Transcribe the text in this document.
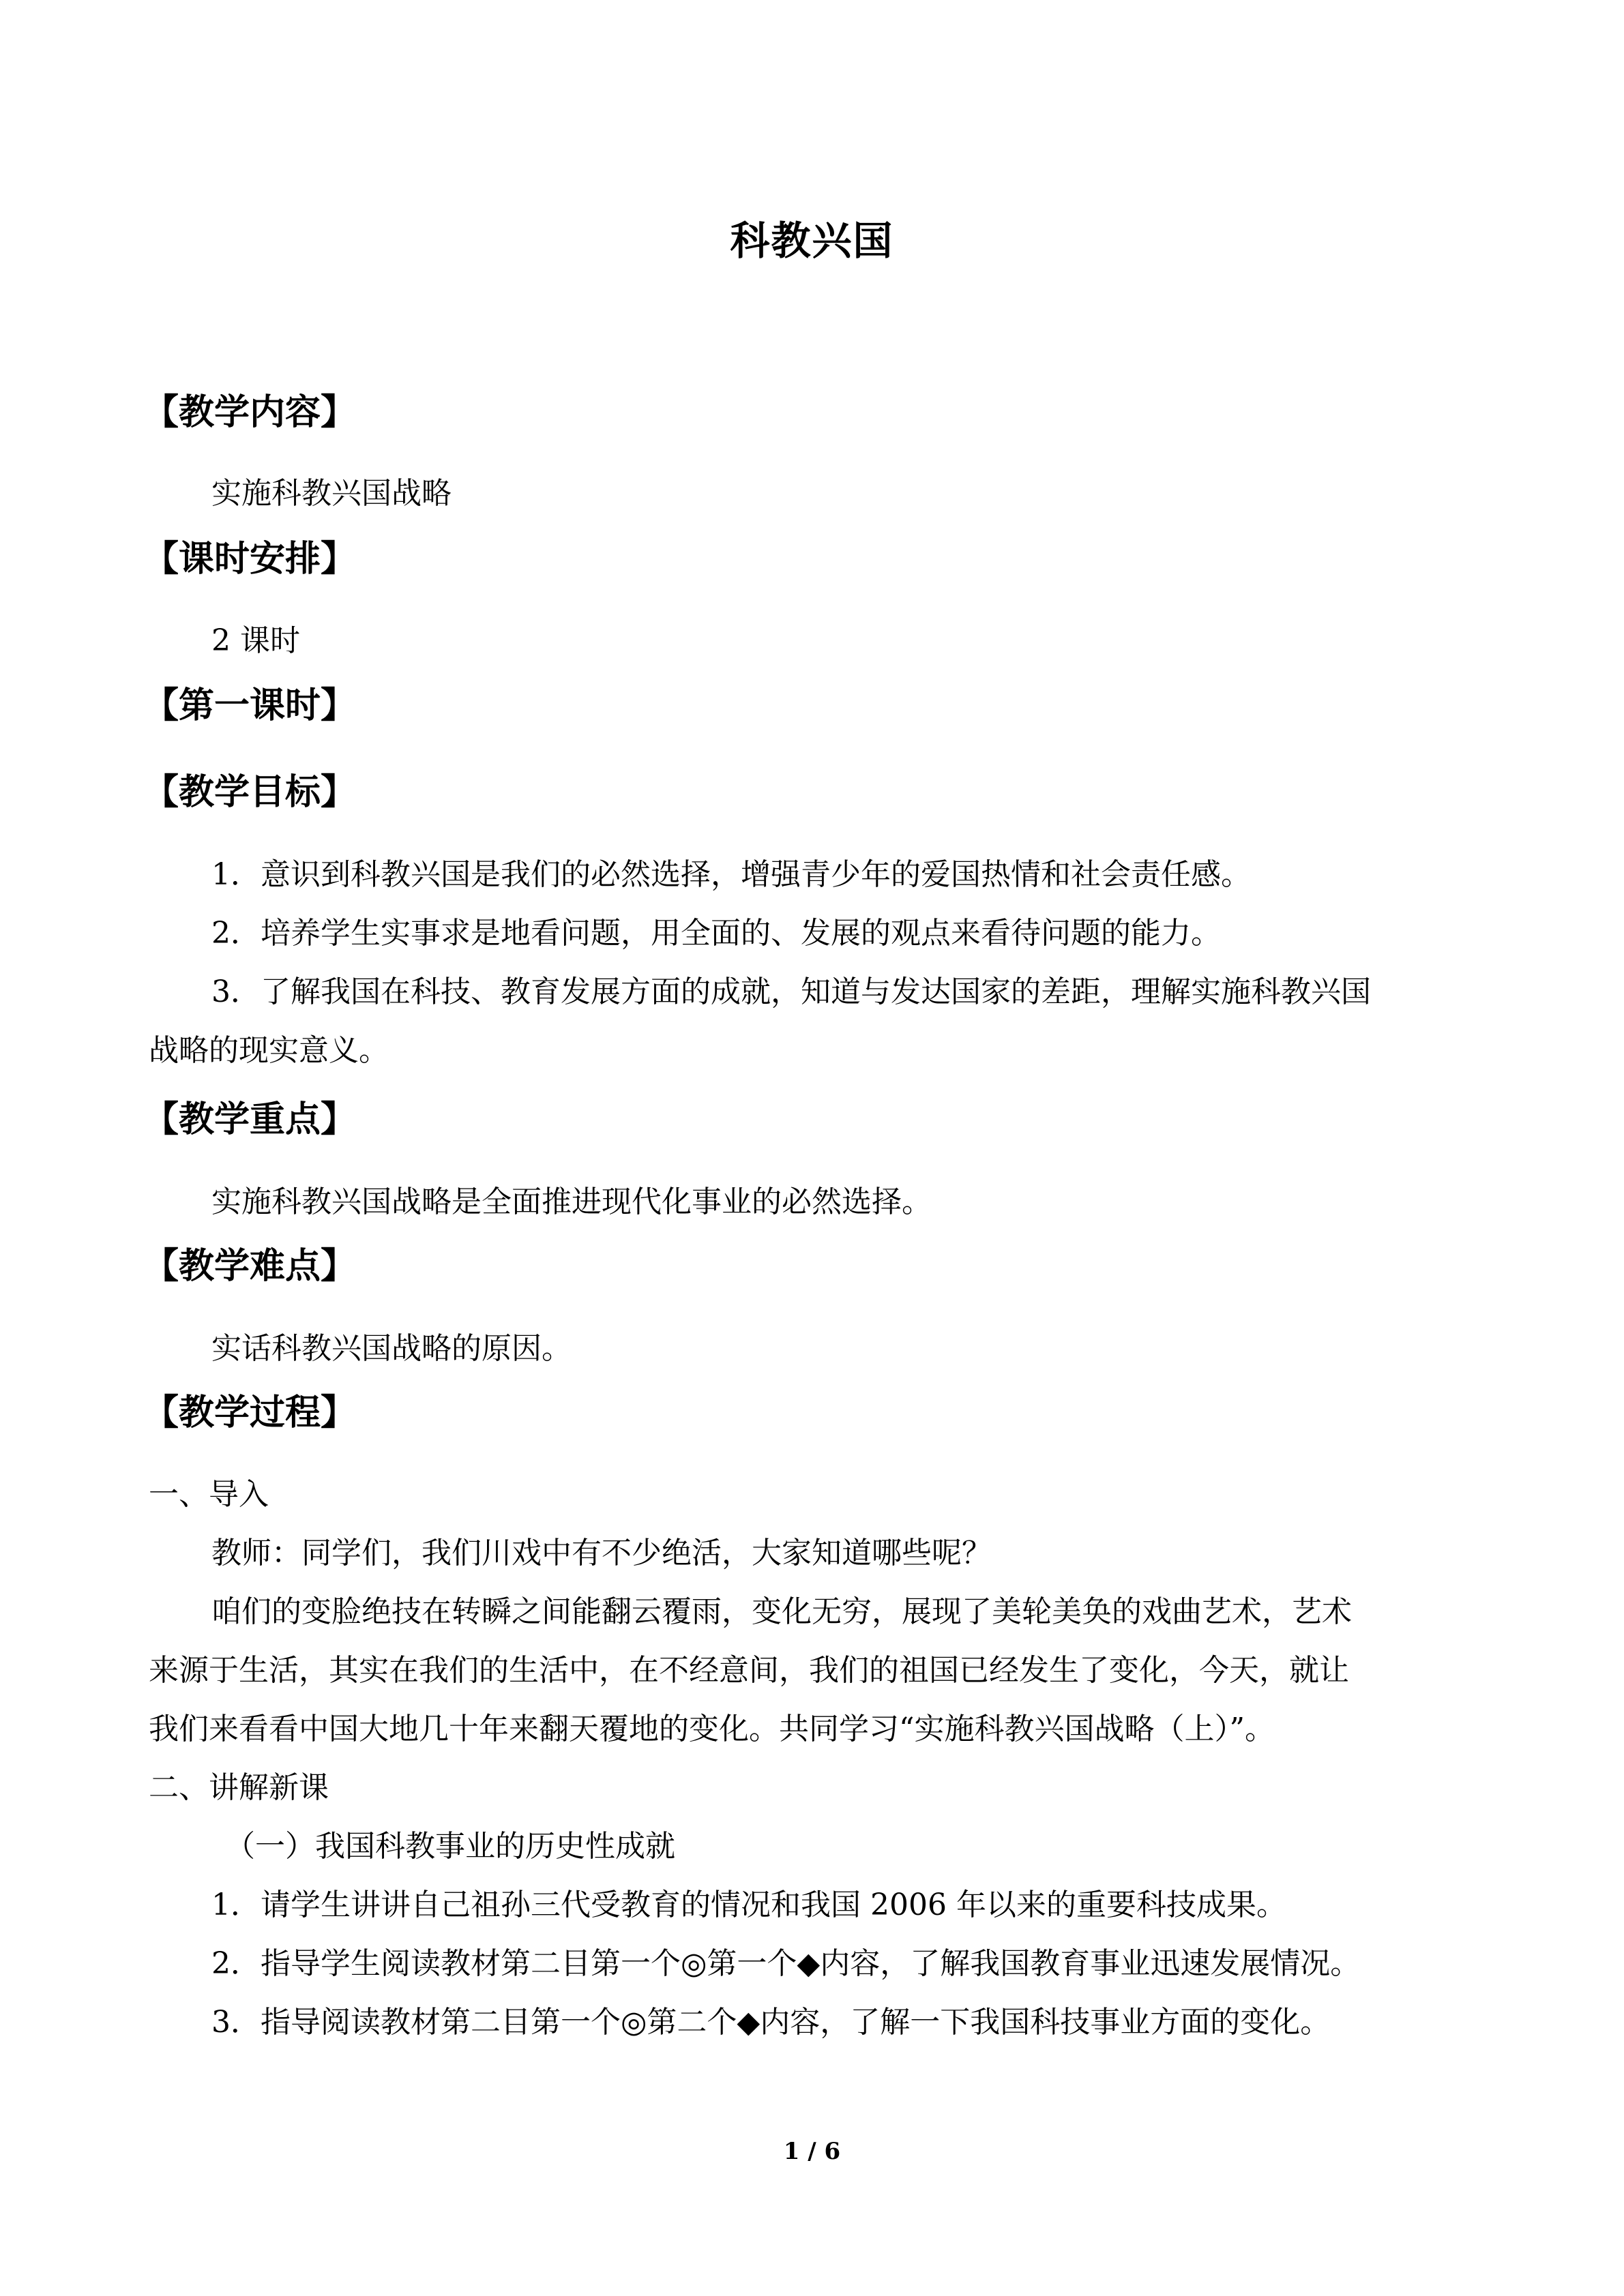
科教兴国
【教学内容】
实施科教兴国战略
【课时安排】
2 课时
【第一课时】
【教学目标】
1．意识到科教兴国是我们的必然选择，增强青少年的爱国热情和社会责任感。
2．培养学生实事求是地看问题，用全面的、发展的观点来看待问题的能力。
3．了解我国在科技、教育发展方面的成就，知道与发达国家的差距，理解实施科教兴国
战略的现实意义。
【教学重点】
实施科教兴国战略是全面推进现代化事业的必然选择。
【教学难点】
实话科教兴国战略的原因。
【教学过程】
一、导入
教师：同学们，我们川戏中有不少绝活，大家知道哪些呢？
咱们的变脸绝技在转瞬之间能翻云覆雨，变化无穷，展现了美轮美奂的戏曲艺术，艺术
来源于生活，其实在我们的生活中，在不经意间，我们的祖国已经发生了变化，今天，就让
我们来看看中国大地几十年来翻天覆地的变化。共同学习“实施科教兴国战略（上）”。
二、讲解新课
（一）我国科教事业的历史性成就
1．请学生讲讲自己祖孙三代受教育的情况和我国 2006 年以来的重要科技成果。
2．指导学生阅读教材第二目第一个◎第一个◆内容，了解我国教育事业迅速发展情况。
3．指导阅读教材第二目第一个◎第二个◆内容，了解一下我国科技事业方面的变化。
1 / 6
